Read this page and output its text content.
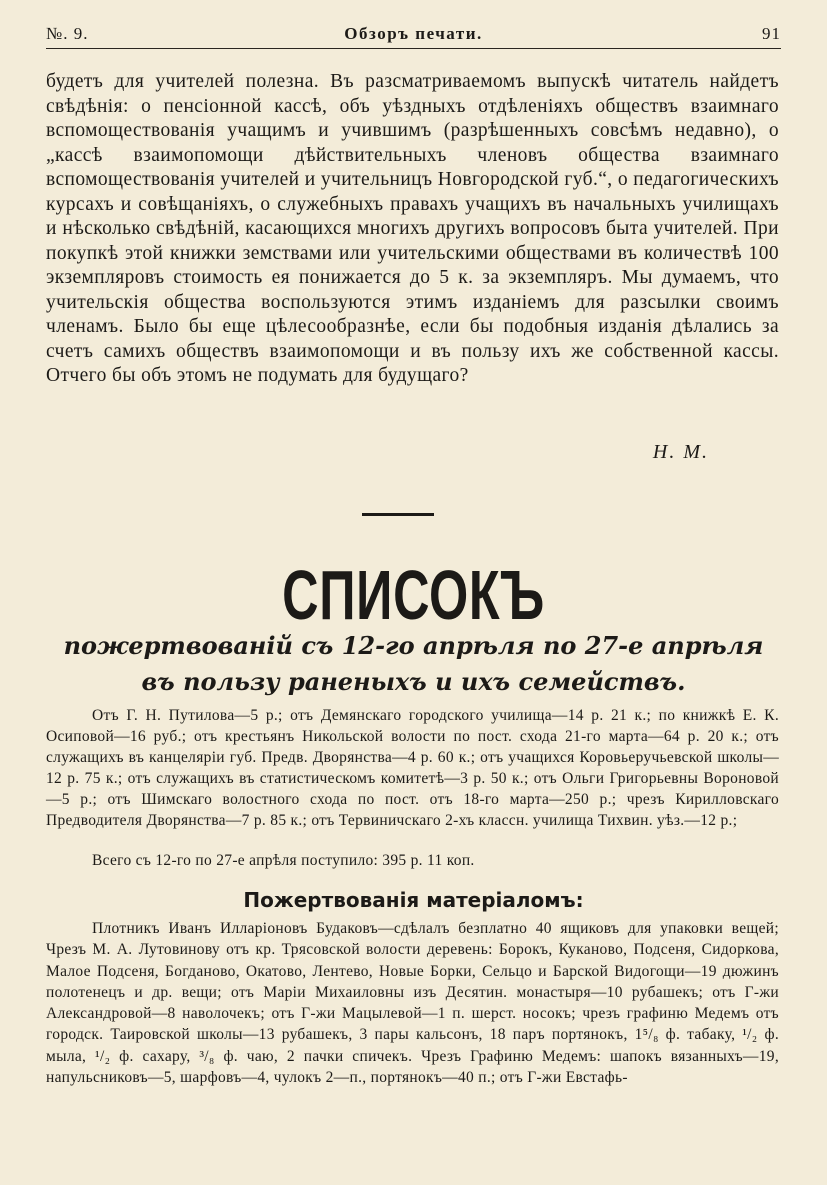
№. 9.	Обзоръ печати.	91
будетъ для учителей полезна. Въ разсматриваемомъ выпускѣ читатель найдетъ свѣдѣнія: о пенсіонной кассѣ, объ уѣздныхъ отдѣленіяхъ обществъ взаимнаго вспомоществованія учащимъ и учившимъ (разрѣшенныхъ совсѣмъ недавно), о „кассѣ взаимопомощи дѣйствительныхъ членовъ общества взаимнаго вспомоществованія учителей и учительницъ Новгородской губ.“, о педагогическихъ курсахъ и совѣщаніяхъ, о служебныхъ правахъ учащихъ въ начальныхъ училищахъ и нѣсколько свѣдѣній, касающихся многихъ другихъ вопросовъ быта учителей. При покупкѣ этой книжки земствами или учительскими обществами въ количествѣ 100 экземпляровъ стоимость ея понижается до 5 к. за экземпляръ. Мы думаемъ, что учительскія общества воспользуются этимъ изданіемъ для разсылки своимъ членамъ. Было бы еще цѣлесообразнѣе, если бы подобныя изданія дѣлались за счетъ самихъ обществъ взаимопомощи и въ пользу ихъ же собственной кассы. Отчего бы объ этомъ не подумать для будущаго?
Н. М.
СПИСОКЪ
пожертвованій съ 12-го апрѣля по 27-е апрѣля въ пользу раненыхъ и ихъ семействъ.
Отъ Г. Н. Путилова—5 р.; отъ Демянскаго городского училища—14 р. 21 к.; по книжкѣ Е. К. Осиповой—16 руб.; отъ крестьянъ Никольской волости по пост. схода 21-го марта—64 р. 20 к.; отъ служащихъ въ канцеляріи губ. Предв. Дворянства—4 р. 60 к.; отъ учащихся Коровьеручьевской школы—12 р. 75 к.; отъ служащихъ въ статистическомъ комитетѣ—3 р. 50 к.; отъ Ольги Григорьевны Вороновой—5 р.; отъ Шимскаго волостного схода по пост. отъ 18-го марта—250 р.; чрезъ Кирилловскаго Предводителя Дворянства—7 р. 85 к.; отъ Тервиничскаго 2-хъ классн. училища Тихвин. уѣз.—12 р.;
Всего съ 12-го по 27-е апрѣля поступило: 395 р. 11 коп.
Пожертвованія матеріаломъ:
Плотникъ Иванъ Илларіоновъ Будаковъ—сдѣлалъ безплатно 40 ящиковъ для упаковки вещей; Чрезъ М. А. Лутовинову отъ кр. Трясовской волости деревень: Борокъ, Куканово, Подсеня, Сидоркова, Малое Подсеня, Богданово, Окатово, Лентево, Новые Борки, Сельцо и Барской Видогощи—19 дюжинъ полотенецъ и др. вещи; отъ Маріи Михаиловны изъ Десятин. монастыря—10 рубашекъ; отъ Г-жи Александровой—8 наволочекъ; отъ Г-жи Мацылевой—1 п. шерст. носокъ; чрезъ графиню Медемъ отъ городск. Таировской школы—13 рубашекъ, 3 пары кальсонъ, 18 паръ портянокъ, 1⁵/₈ ф. табаку, ¹/₂ ф. мыла, ¹/₂ ф. сахару, ³/₈ ф. чаю, 2 пачки спичекъ. Чрезъ Графиню Медемъ: шапокъ вязанныхъ—19, напульсниковъ—5, шарфовъ—4, чулокъ 2—п., портянокъ—40 п.; отъ Г-жи Евстафь-
